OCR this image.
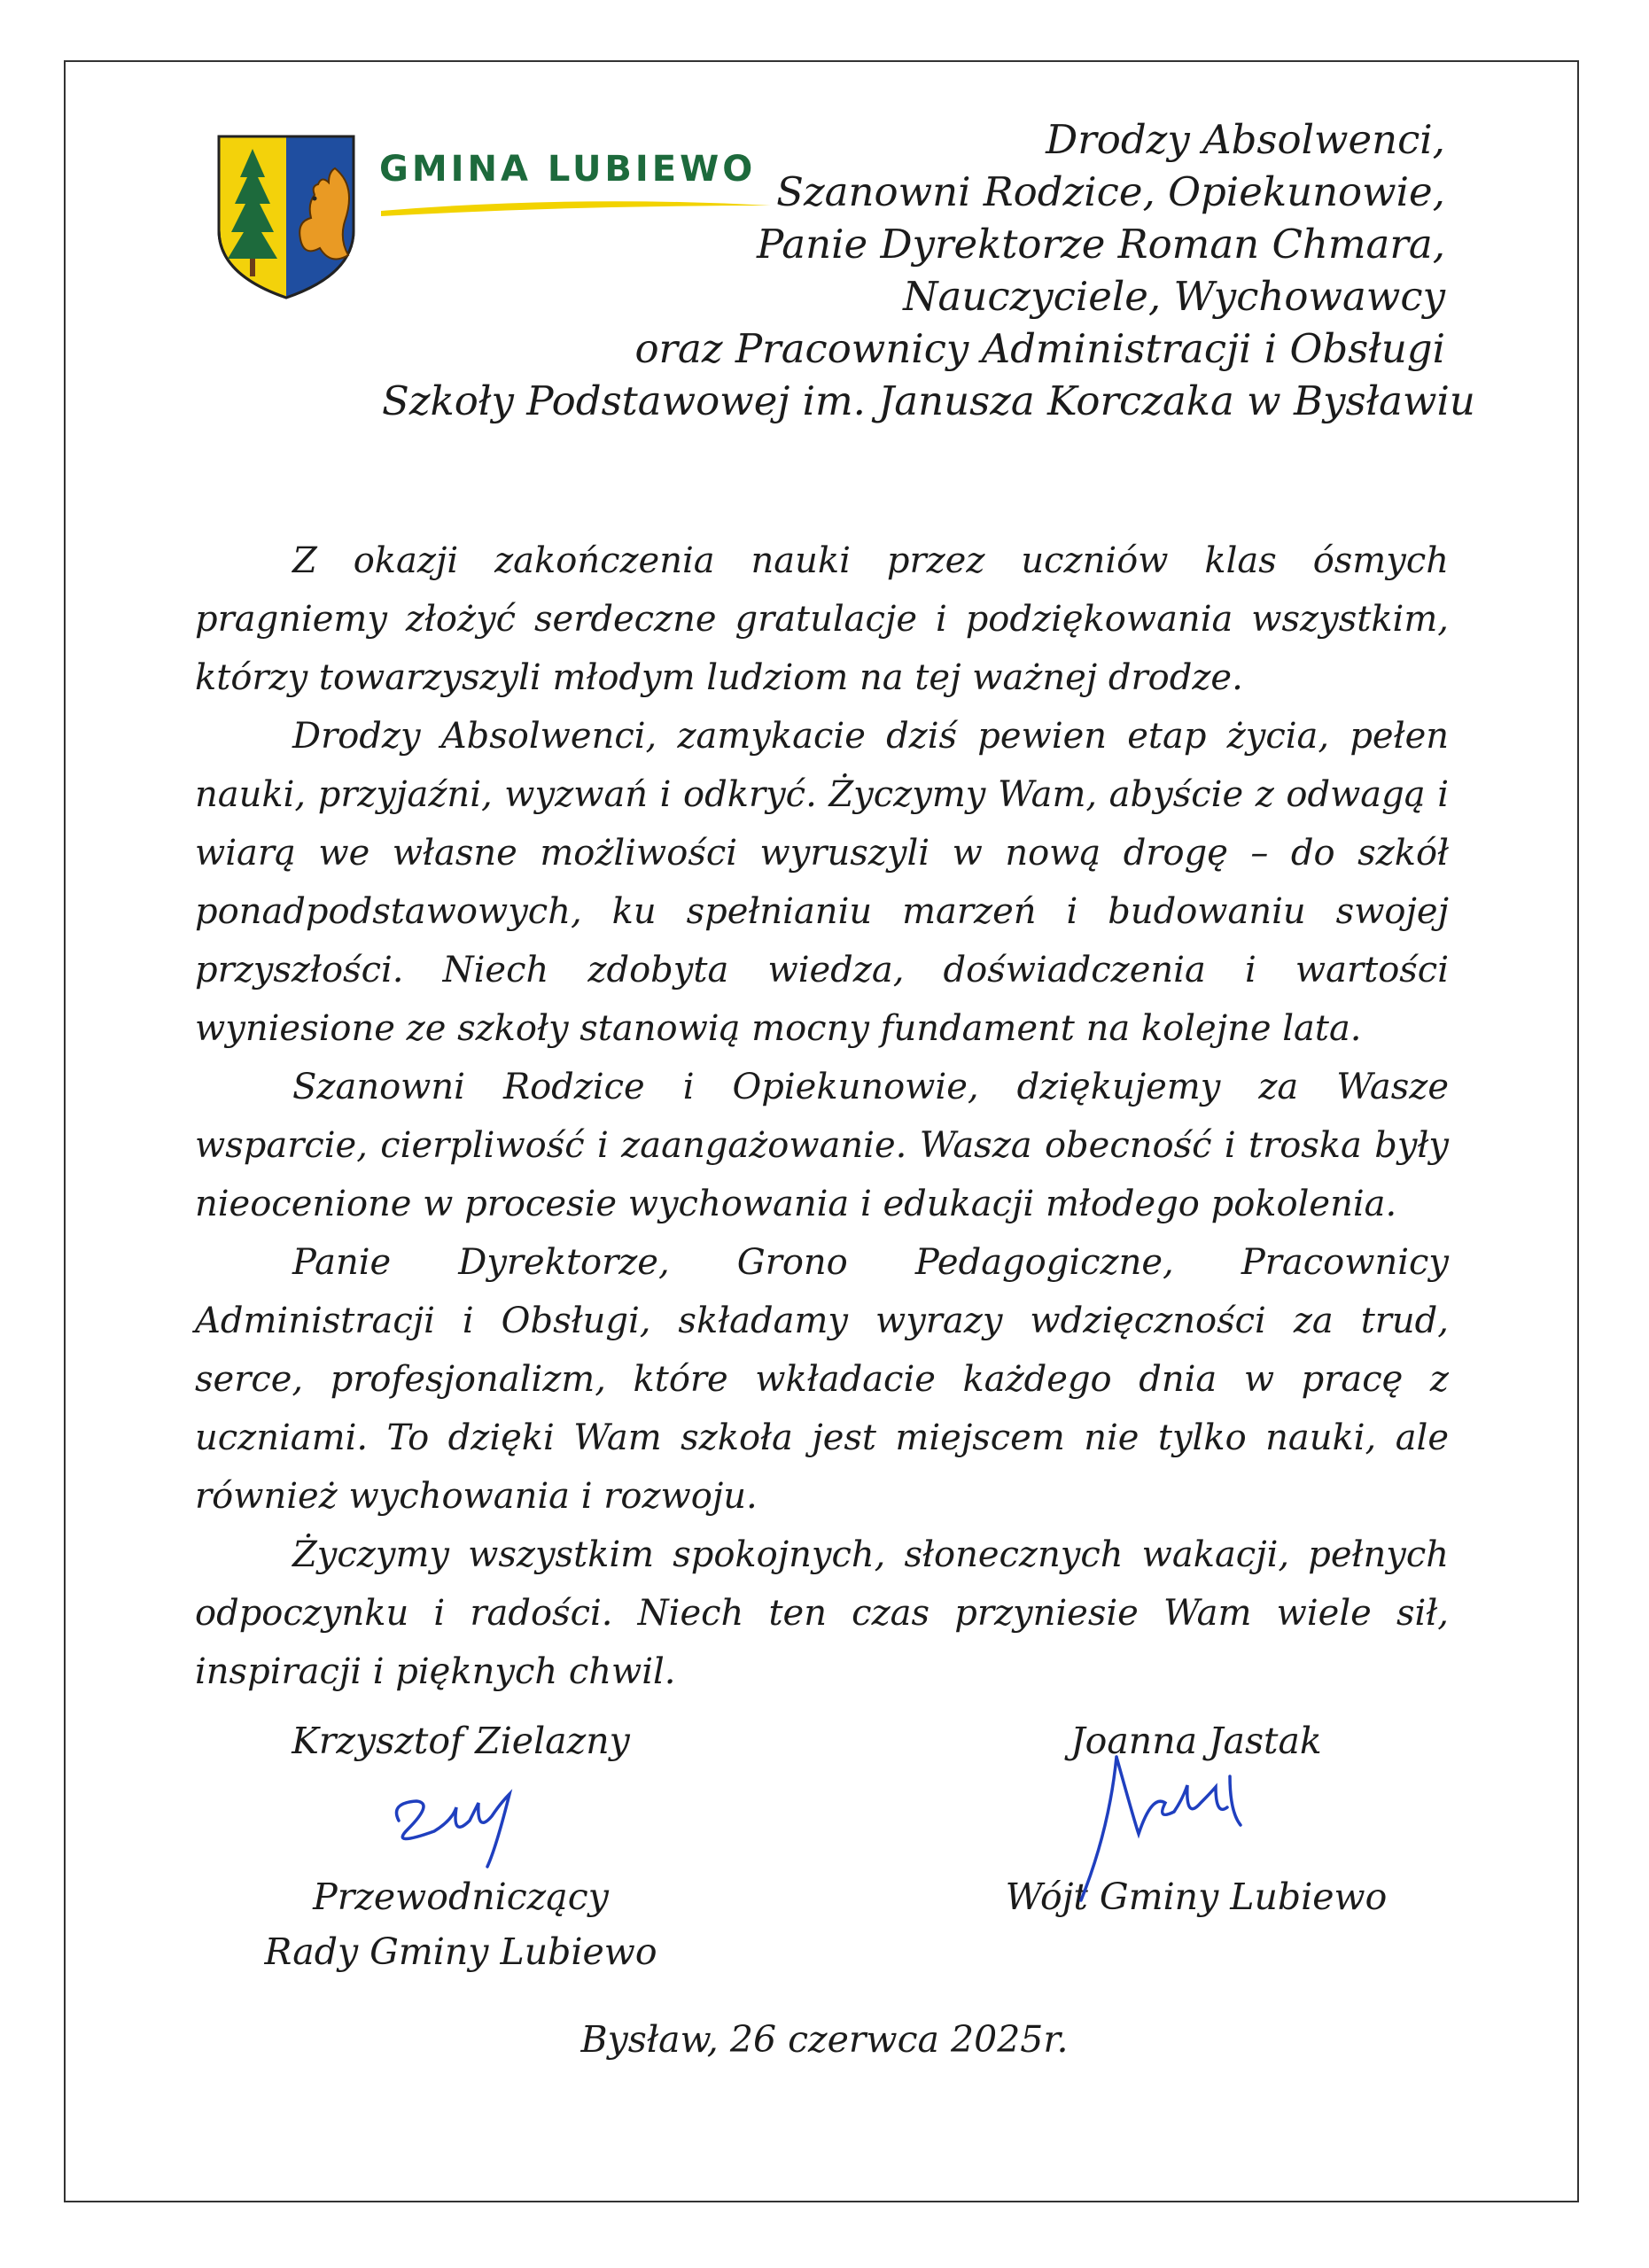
GMINA LUBIEWO
Drodzy Absolwenci,
Szanowni Rodzice, Opiekunowie,
Panie Dyrektorze Roman Chmara,
Nauczyciele, Wychowawcy
oraz Pracownicy Administracji i Obsługi
Szkoły Podstawowej im. Janusza Korczaka w Bysławiu

Z okazji zakończenia nauki przez uczniów klas ósmych pragniemy złożyć serdeczne gratulacje i podziękowania wszystkim, którzy towarzyszyli młodym ludziom na tej ważnej drodze.

Drodzy Absolwenci, zamykacie dziś pewien etap życia, pełen nauki, przyjaźni, wyzwań i odkryć. Życzymy Wam, abyście z odwagą i wiarą we własne możliwości wyruszyli w nową drogę – do szkół ponadpodstawowych, ku spełnianiu marzeń i budowaniu swojej przyszłości. Niech zdobyta wiedza, doświadczenia i wartości wyniesione ze szkoły stanowią mocny fundament na kolejne lata.

Szanowni Rodzice i Opiekunowie, dziękujemy za Wasze wsparcie, cierpliwość i zaangażowanie. Wasza obecność i troska były nieocenione w procesie wychowania i edukacji młodego pokolenia.

Panie Dyrektorze, Grono Pedagogiczne, Pracownicy Administracji i Obsługi, składamy wyrazy wdzięczności za trud, serce, profesjonalizm, które wkładacie każdego dnia w pracę z uczniami. To dzięki Wam szkoła jest miejscem nie tylko nauki, ale również wychowania i rozwoju.

Życzymy wszystkim spokojnych, słonecznych wakacji, pełnych odpoczynku i radości. Niech ten czas przyniesie Wam wiele sił, inspiracji i pięknych chwil.

Krzysztof Zielazny
Przewodniczący
Rady Gminy Lubiewo
Joanna Jastak
Wójt Gminy Lubiewo
Bysław, 26 czerwca 2025r.
